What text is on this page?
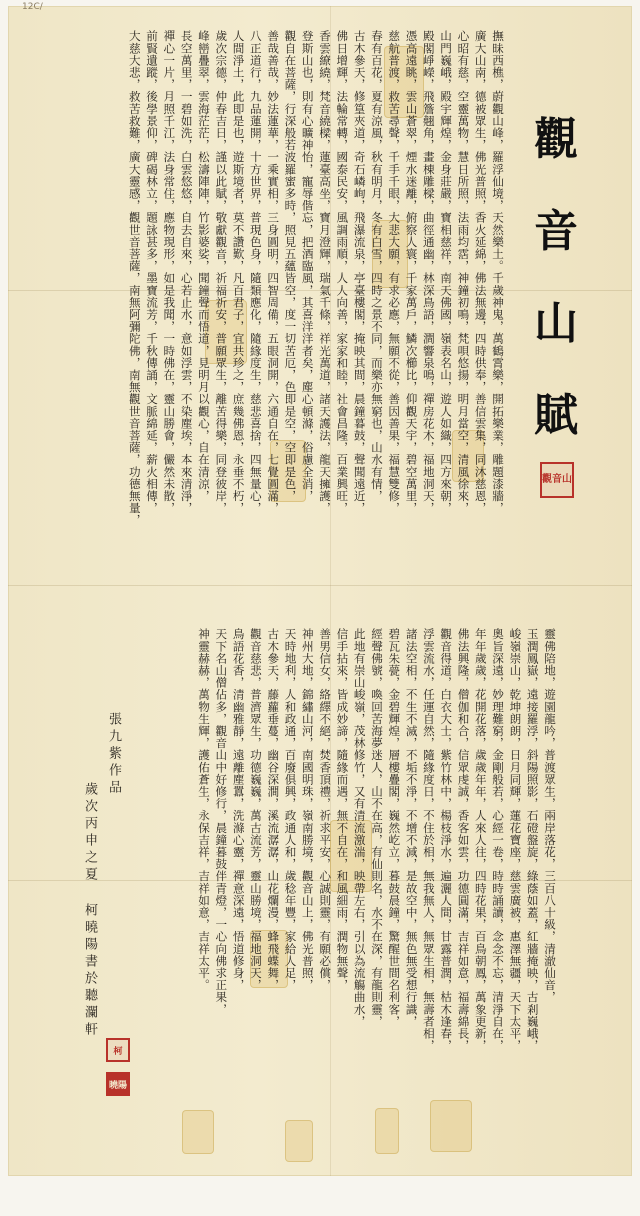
12C/
觀
音
山
賦
觀音山
撫昧西樵，蔚觀山峰，羅浮仙境，天然樂土。千歲神鬼，萬鶴霄樂，開拓樂業，雕題漆牆，
廣大山南，德被眾生，佛光普照，香火延綿，佛法無邊，四時供奉，善信雲集，同沐慈恩，
心昭有慈，空靈萬物，慧日所照，法雨均霑，神鐘初鳴，梵唄悠揚，明月當空，清風徐來，
山門巍峨，殿宇輝煌，金身莊嚴，寶相慈祥，南天佛國，嶺表名山，遊人如織，四方來朝，
殿閣崢嶸，飛簷翹角，畫棟雕樑，曲徑通幽，林深鳥語，澗響泉鳴，禪房花木，福地洞天，
憑高遠眺，雲山蒼翠，煙水迷離，俯察人寰，千家萬戶，鱗次櫛比，仰觀天宇，碧空萬里，
慈航普渡，救苦尋聲，千手千眼，大悲大願，有求必應，無願不從，善因善果，福慧雙修，
春有百花，夏有涼風，秋有明月，冬有白雪，四時之景不同，而樂亦無窮也，山水有情，
古木參天，修篁夾道，奇石嶙峋，飛瀑流泉，亭臺樓閣，掩映其間，晨鐘暮鼓，聲聞遠近，
佛日增輝，法輪常轉，國泰民安，風調雨順，人人向善，家家和睦，社會昌隆，百業興旺，
香雲繚繞，梵音繞樑，蓮臺高坐，寶月澄輝，瑞氣千條，祥光萬道，諸天護法，龍天擁護，
登斯山也，則有心曠神怡，寵辱偕忘，把酒臨風，其喜洋洋者矣，塵心頓滌，俗慮全消，
觀自在菩薩，行深般若波羅蜜多時，照見五蘊皆空，度一切苦厄，色即是空，空即是色，
善哉善哉，妙法蓮華，一乘實相，三身圓明，四智周備，五眼洞開，六通自在，七覺圓滿，
八正道行，九品蓮開，十方世界，普現色身，隨類應化，隨緣度生，慈悲喜捨，四無量心，
人間淨土，此即是也，遊斯境者，莫不讚歎，凡百君子，宜共珍之，庶幾佛恩，永垂不朽，
歲次宗德，仲春吉日，謹以此賦，敬獻觀音，祈福祈安，普願眾生，離苦得樂，同登彼岸，
峰巒疊翠，雲海茫茫，松濤陣陣，竹影婆娑，聞鐘聲而悟道，見明月以觀心，自在清涼，
長空萬里，一碧如洗，白雲悠悠，自去自來，心若止水，意如浮雲，不染塵埃，本來清淨，
禪心一片，月照千江，法身常住，應物現形，如是我聞，一時佛在，靈山勝會，儼然未散，
前賢遺蹤，後學景仰，碑碣林立，題詠甚多，墨寶流芳，千秋傳誦，文脈綿延，薪火相傳，
大慈大悲，救苦救難，廣大靈感，觀世音菩薩，南無阿彌陀佛，南無觀世音菩薩，功德無量，
靈佛陪地，遊園龍吟，普渡眾生，兩岸落花，三百八十級，清澈仙音，
玉潤鳳嶽，遠接羅浮，斜陽照影，石磴盤旋，綠蔭如蓋，紅牆掩映，古剎巍峨，
峻嶺崇山，乾坤朗朗，日月同輝，蓮花寶座，慈雲廣被，惠澤無疆，天下太平，
奧旨深遠，妙理難窮，金剛般若，心經一卷，時時誦讀，念念不忘，清淨自在，
年年歲歲，花開花落，歲歲年年，人來人往，四時花果，百鳥朝鳳，萬象更新，
佛法興隆，僧伽和合，信眾虔誠，香客如雲，功德圓滿，吉祥如意，福壽綿長，
觀音得道，白衣大士，紫竹林中，楊枝淨水，遍灑人間，甘露普潤，枯木逢春，
浮雲流水，任運自然，隨緣度日，不住於相，無我無人，無眾生相，無壽者相，
諸法空相，不生不滅，不垢不淨，不增不減，是故空中，無色無受想行識，
碧瓦朱甍，金碧輝煌，層樓疊閣，巍然屹立，暮鼓晨鐘，驚醒世間名利客，
經聲佛號，喚回苦海夢迷人，山不在高，有仙則名，水不在深，有龍則靈，
此地有崇山峻嶺，茂林修竹，又有清流激湍，映帶左右，引以為流觴曲水，
信手拈來，皆成妙諦，隨緣而遇，無不自在，和風細雨，潤物無聲，
善男信女，絡繹不絕，焚香頂禮，祈求平安，心誠則靈，有願必償，
神州大地，錦繡山河，南國明珠，嶺南勝境，觀音山上，佛光普照，
天時地利，人和政通，百廢俱興，政通人和，歲稔年豐，家給人足，
古木參天，藤蘿垂蔓，幽谷深澗，溪流潺潺，山花爛漫，蜂飛蝶舞，
觀音慈悲，普濟眾生，功德巍巍，萬古流芳，靈山勝境，福地洞天，
鳥語花香，清幽雅靜，遠離塵囂，洗滌心靈，禪意深遠，悟道修身，
天下名山僧佔多，觀音山中好修行，晨鐘暮鼓伴青燈，一心向佛求正果，
神靈赫赫，萬物生輝，護佑蒼生，永保吉祥，吉祥如意，吉祥太平。
張九紫作品
歲次丙申之夏 柯曉陽書於聽瀾軒
柯
曉陽
